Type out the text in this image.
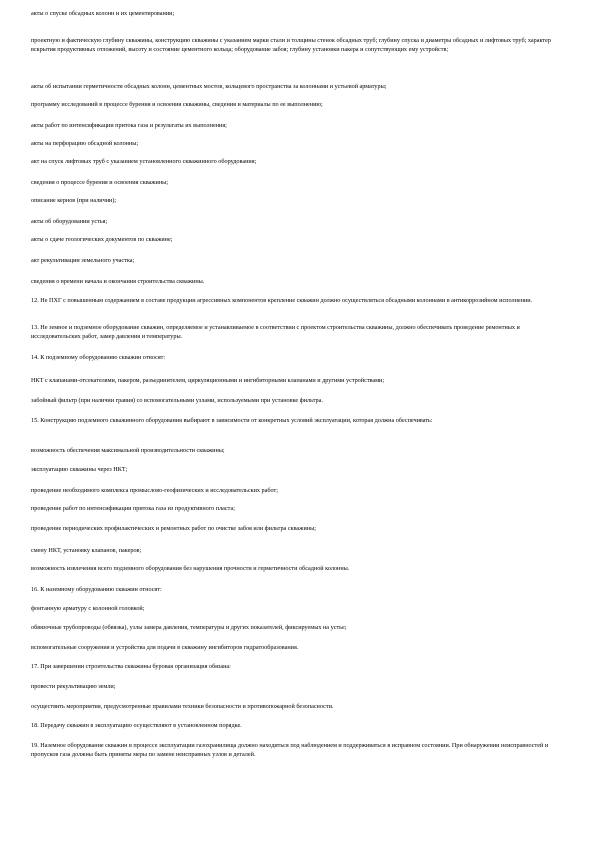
акты о спуске обсадных колонн и их цементировании;
проектную и фактическую глубину скважины, конструкцию скважины с указанием марки стали и толщины стенок обсадных труб; глубину спуска и диаметры обсадных и лифтовых труб; характер вскрытия продуктивных отложений, высоту и состояние цементного кольца; оборудование забоя; глубину установки пакера и сопутствующих ему устройств;
акты об испытании герметичности обсадных колонн, цементных мостов, кольцевого пространства за колоннами и устьевой арматуры;
программу исследований в процессе бурения и освоения скважины, сведения и материалы по ее выполнению;
акты работ по интенсификации притока газа и результаты их выполнения;
акты на перфорацию обсадной колонны;
акт на спуск лифтовых труб с указанием установленного скважинного оборудования;
сведения о процессе бурения и освоения скважины;
описание кернов (при наличии);
акты об оборудовании устья;
акты о сдаче геологических документов по скважине;
акт рекультивации земельного участка;
сведения о времени начала и окончания строительства скважины.
12. Не ПХГ с повышенным содержанием в составе продукции агрессивных компонентов крепление скважин должно осуществляться обсадными колоннами в антикоррозийном исполнении.
13. Не земное и подземное оборудование скважин, определяемое и устанавливаемое в соответствии с проектом строительства скважины, должно обеспечивать проведение ремонтных и исследовательских работ, замер давления и температуры.
14. К подземному оборудованию скважин относят:
НКТ с клапанами-отсекателями, пакером, разъединителем, циркуляционными и ингибиторными клапанами и другими устройствами;
забойный фильтр (при наличии гравия) со вспомогательными узлами, используемыми при установке фильтра.
15. Конструкцию подземного скважинного оборудования выбирают в зависимости от конкретных условий эксплуатации, которая должна обеспечивать:
возможность обеспечения максимальной производительности скважины;
эксплуатацию скважины через НКТ;
проведение необходимого комплекса промыслово-геофизических и исследовательских работ;
проведение работ по интенсификации притока газа из продуктивного пласта;
проведение периодических профилактических и ремонтных работ по очистке забоя или фильтра скважины;
смену НКТ, установку клапанов, пакеров;
возможность извлечения всего подземного оборудования без нарушения прочности и герметичности обсадной колонны.
16. К наземному оборудованию скважин относят:
фонтанную арматуру с колонной головкой;
обвязочные трубопроводы (обвязка), узлы замера давления, температуры и других показателей, фиксируемых на устье;
вспомогательные сооружения и устройства для подачи в скважину ингибиторов гидратообразования.
17. При завершении строительства скважины буровая организация обязана:
провести рекультивацию земли;
осуществить мероприятия, предусмотренные правилами техники безопасности и противопожарной безопасности.
18. Передачу скважин в эксплуатацию осуществляют в установленном порядке.
19. Наземное оборудование скважин в процессе эксплуатации газохранилища должно находиться под наблюдением и поддерживаться в исправном состоянии. При обнаружении неисправностей и пропусков газа должны быть приняты меры по замене неисправных узлов и деталей.
